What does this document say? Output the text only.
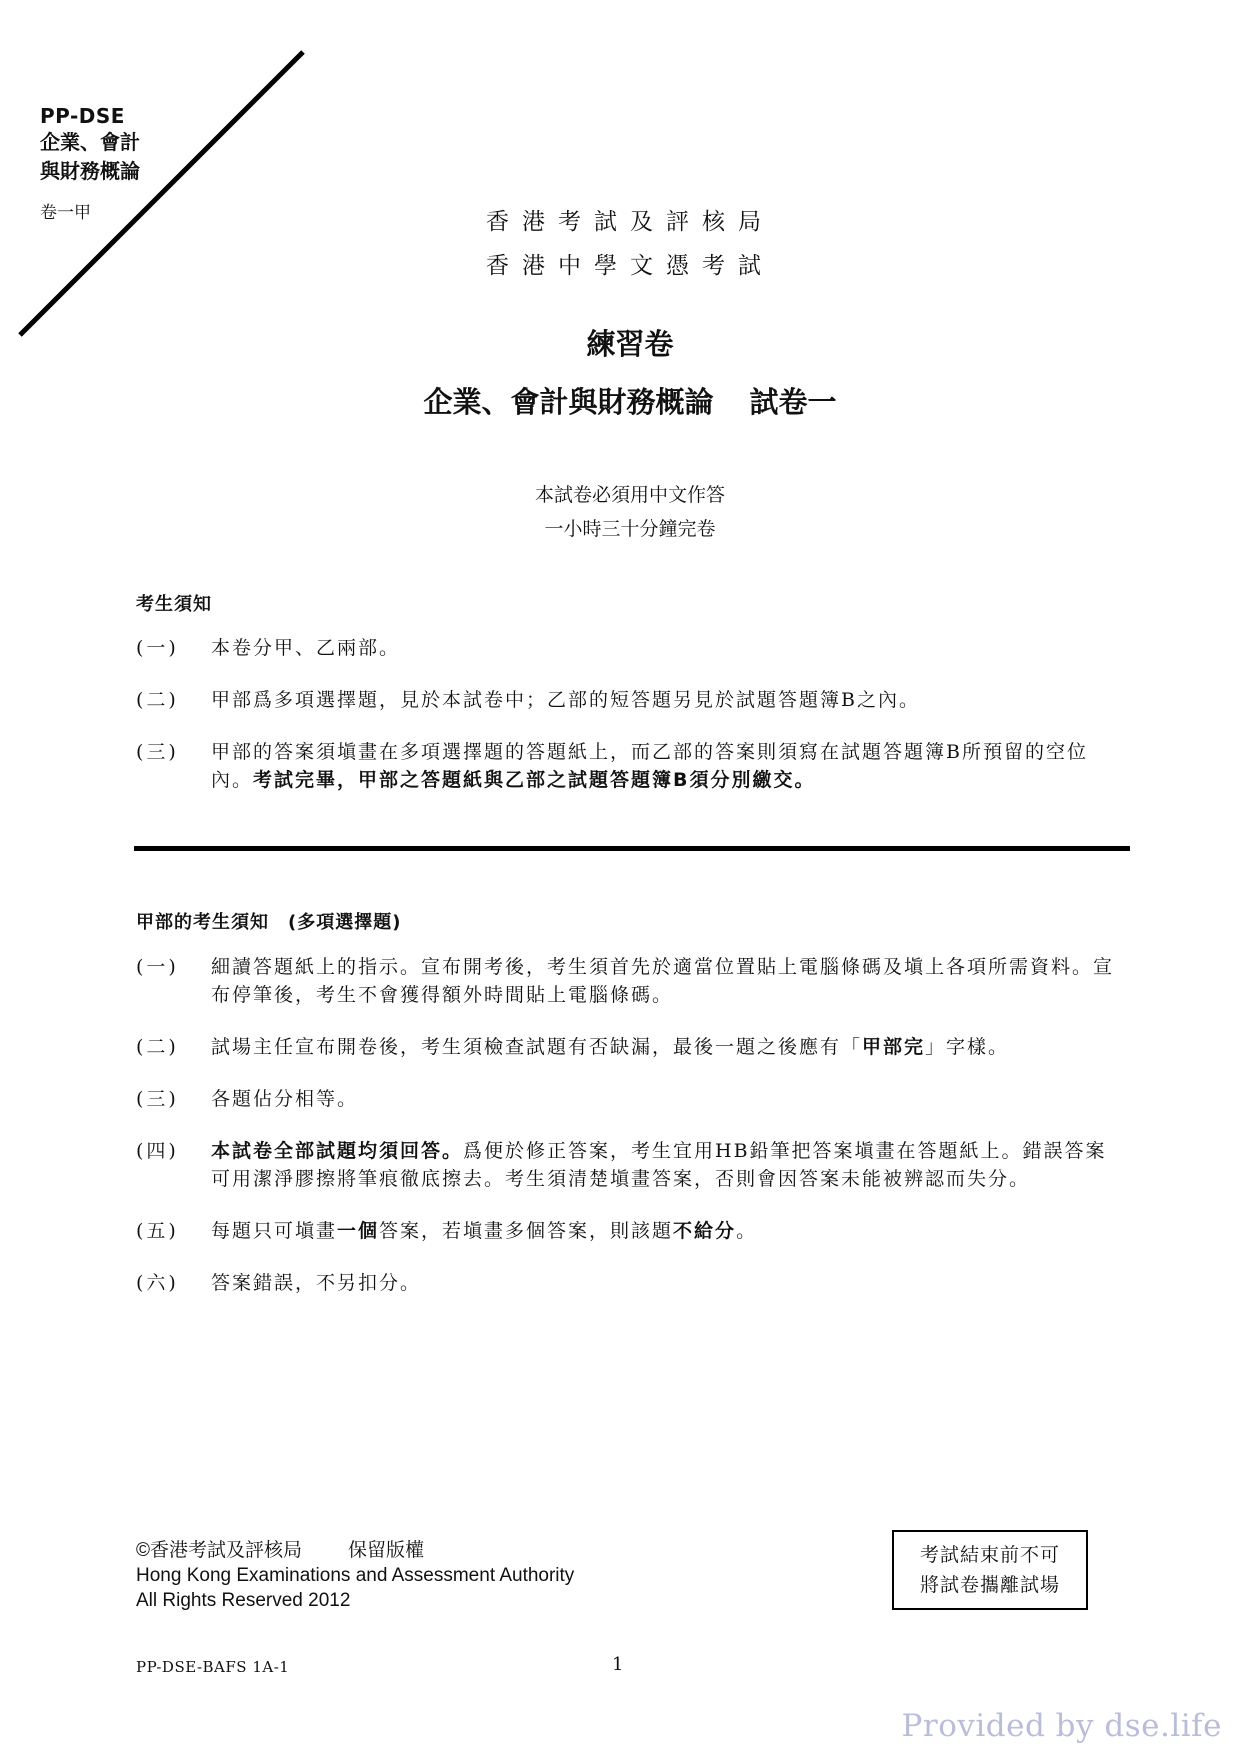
PP-DSE
企業、會計
與財務概論
卷一甲	香港考試及評核局
香港中學文憑考試
練習卷
企業、會計與財務概論 試卷一
本試卷必須用中文作答
一小時三十分鐘完卷
考生須知
(一)	本卷分甲、乙兩部。
(二)	甲部爲多項選擇題，見於本試卷中；乙部的短答題另見於試題答題簿B之內。
(三)	甲部的答案須塡畫在多項選擇題的答題紙上，而乙部的答案則須寫在試題答題簿B所預留的空位內。考試完畢，甲部之答題紙與乙部之試題答題簿B須分別繳交。
甲部的考生須知　(多項選擇題)
(一)	細讀答題紙上的指示。宣布開考後，考生須首先於適當位置貼上電腦條碼及塡上各項所需資料。宣布停筆後，考生不會獲得額外時間貼上電腦條碼。
(二)	試場主任宣布開卷後，考生須檢查試題有否缺漏，最後一題之後應有「甲部完」字樣。
(三)	各題佔分相等。
(四)	本試卷全部試題均須回答。爲便於修正答案，考生宜用HB鉛筆把答案塡畫在答題紙上。錯誤答案可用潔淨膠擦將筆痕徹底擦去。考生須清楚塡畫答案，否則會因答案未能被辨認而失分。
(五)	每題只可塡畫一個答案，若塡畫多個答案，則該題不給分。
(六)	答案錯誤，不另扣分。
©香港考試及評核局 保留版權
Hong Kong Examinations and Assessment Authority
All Rights Reserved 2012
考試結束前不可
將試卷攜離試場
PP-DSE-BAFS 1A-1	1
Provided by dse.life
